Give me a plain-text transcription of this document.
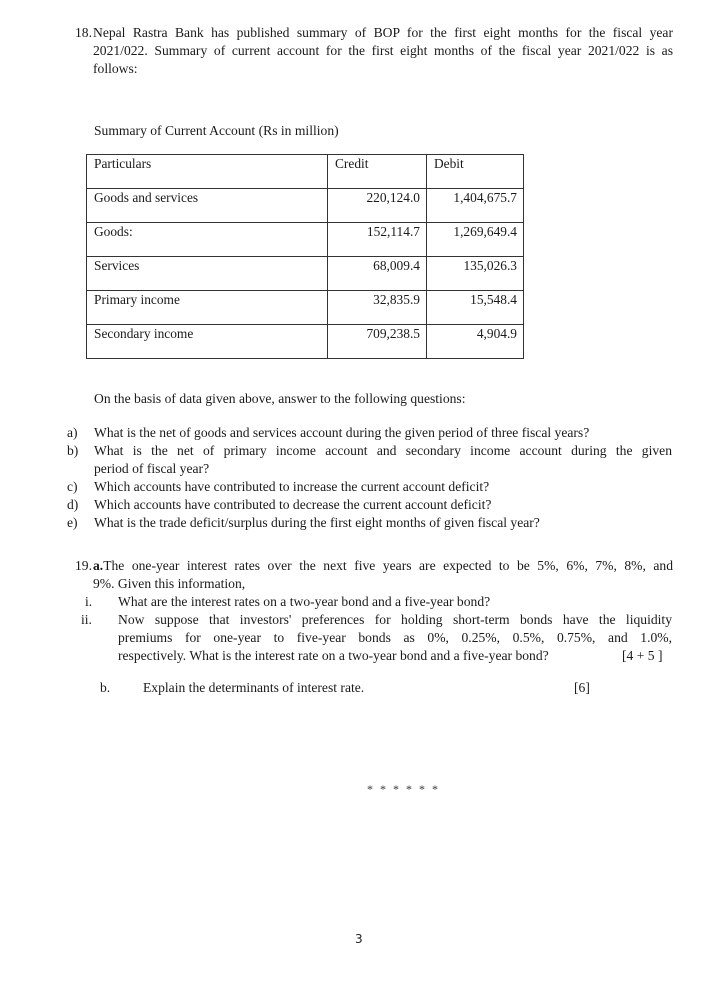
18. Nepal Rastra Bank has published summary of BOP for the first eight months for the fiscal year
2021/022. Summary of current account for the first eight months of the fiscal year 2021/022 is as
follows:
Summary of Current Account (Rs in million)
Particulars	Credit	Debit
Goods and services	220,124.0	1,404,675.7
Goods:	152,114.7	1,269,649.4
Services	68,009.4	135,026.3
Primary income	32,835.9	15,548.4
Secondary income	709,238.5	4,904.9
On the basis of data given above, answer to the following questions:
a) What is the net of goods and services account during the given period of three fiscal years?
b) What is the net of primary income account and secondary income account during the given
period of fiscal year?
c) Which accounts have contributed to increase the current account deficit?
d) Which accounts have contributed to decrease the current account deficit?
e) What is the trade deficit/surplus during the first eight months of given fiscal year?
19. a.The one-year interest rates over the next five years are expected to be 5%, 6%, 7%, 8%, and
9%. Given this information,
i. What are the interest rates on a two-year bond and a five-year bond?
ii. Now suppose that investors' preferences for holding short-term bonds have the liquidity
premiums for one-year to five-year bonds as 0%, 0.25%, 0.5%, 0.75%, and 1.0%,
respectively. What is the interest rate on a two-year bond and a five-year bond?	[4 + 5 ]
b. Explain the determinants of interest rate.	[6]
* * * * * *
3
